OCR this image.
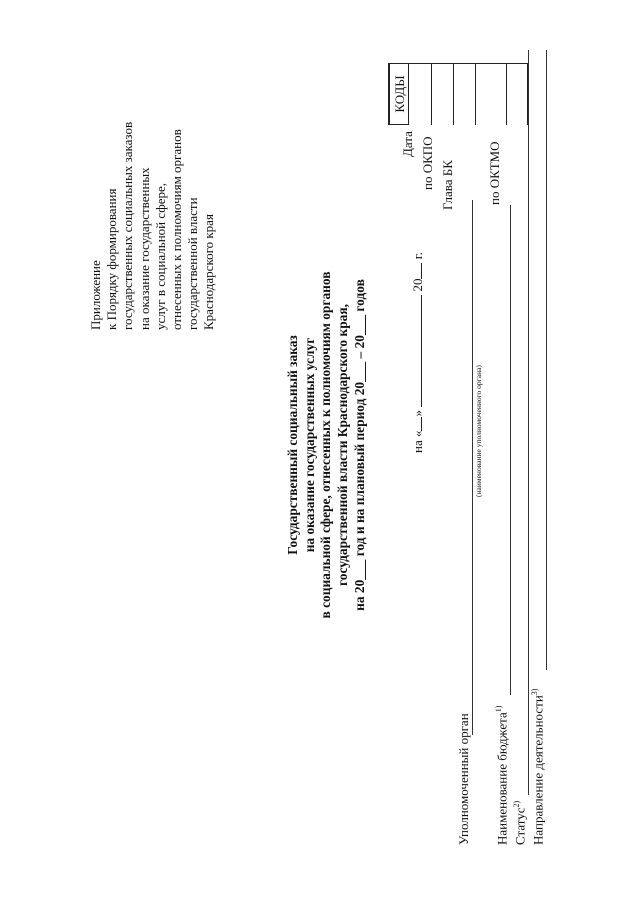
Приложение к Порядку формирования государственных социальных заказов на оказание государственных услуг в социальной сфере, отнесенных к полномочиям органов государственной власти Краснодарского края
Государственный социальный заказ на оказание государственных услуг в социальной сфере, отнесенных к полномочиям органов государственной власти Краснодарского края, на 20___ год и на плановый период 20___ – 20___ годов	на «»  20 г.
Дата по ОКПО Глава БК по ОКТМО
КОДЫ
Уполномоченный орган
(наименование уполномоченного органа)
Наименование бюджета$^{1)}$
Статус$^{2)}$ Направление деятельности$^{3)}$
